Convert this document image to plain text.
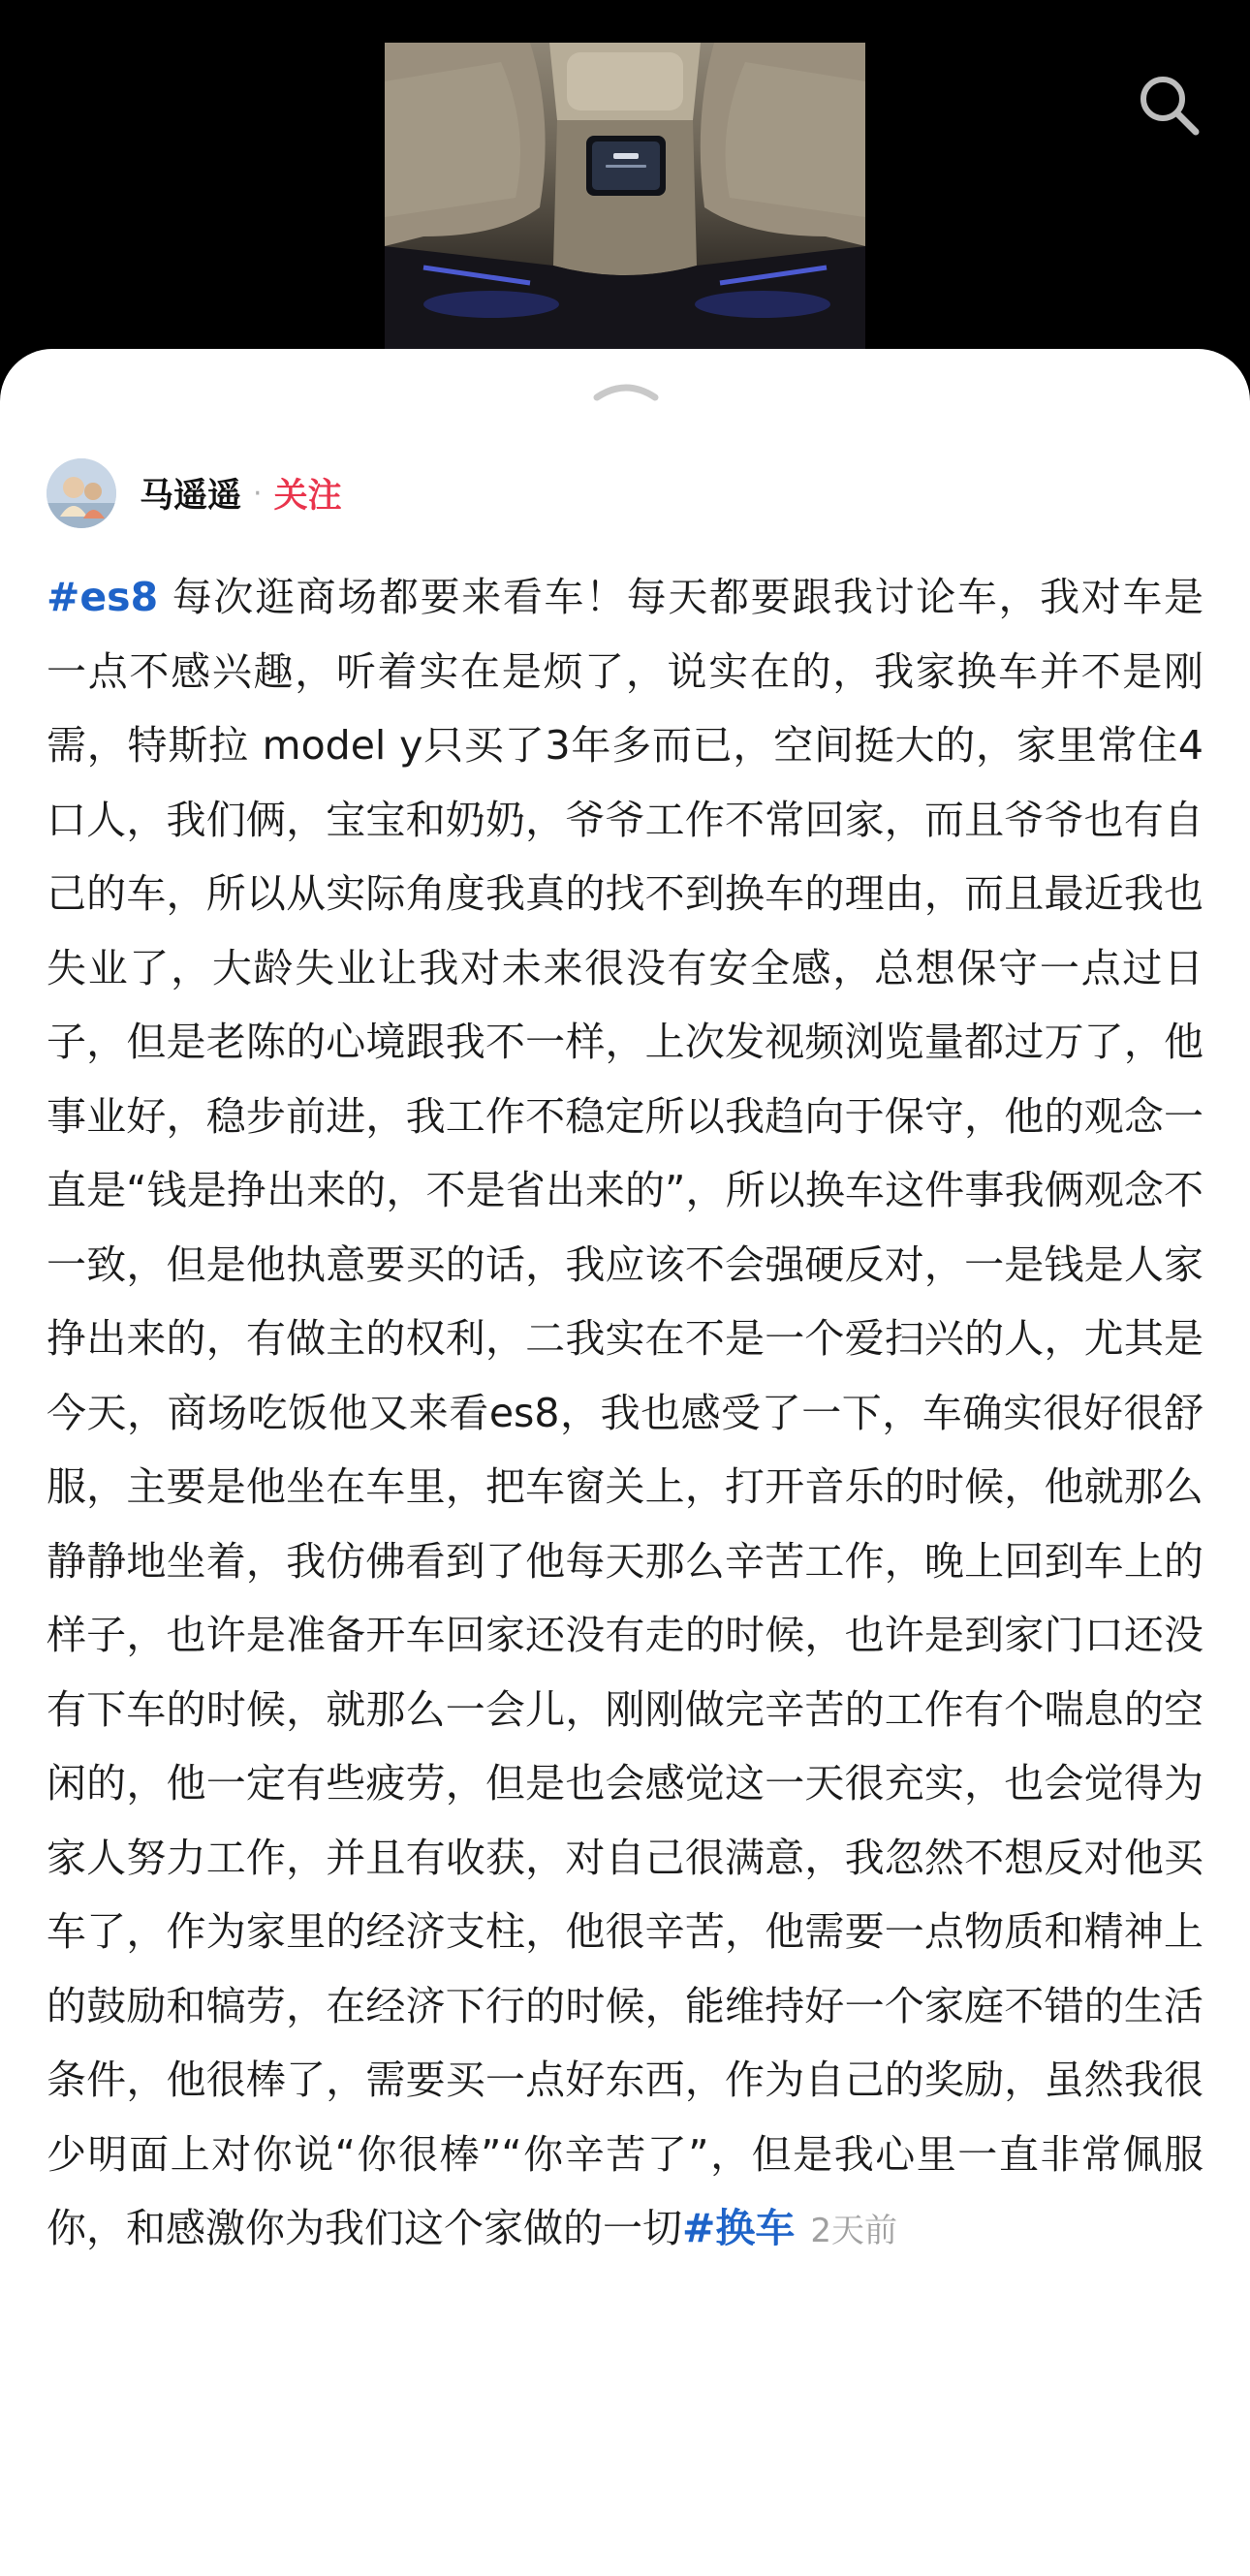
马遥遥 · 关注

#es8 每次逛商场都要来看车！每天都要跟我讨论车，我对车是一点不感兴趣，听着实在是烦了，说实在的，我家换车并不是刚需，特斯拉 model y只买了3年多而已，空间挺大的，家里常住4口人，我们俩，宝宝和奶奶，爷爷工作不常回家，而且爷爷也有自己的车，所以从实际角度我真的找不到换车的理由，而且最近我也失业了，大龄失业让我对未来很没有安全感，总想保守一点过日子，但是老陈的心境跟我不一样，上次发视频浏览量都过万了，他事业好，稳步前进，我工作不稳定所以我趋向于保守，他的观念一直是“钱是挣出来的，不是省出来的”，所以换车这件事我俩观念不一致，但是他执意要买的话，我应该不会强硬反对，一是钱是人家挣出来的，有做主的权利，二我实在不是一个爱扫兴的人，尤其是今天，商场吃饭他又来看es8，我也感受了一下，车确实很好很舒服，主要是他坐在车里，把车窗关上，打开音乐的时候，他就那么静静地坐着，我仿佛看到了他每天那么辛苦工作，晚上回到车上的样子，也许是准备开车回家还没有走的时候，也许是到家门口还没有下车的时候，就那么一会儿，刚刚做完辛苦的工作有个喘息的空闲的，他一定有些疲劳，但是也会感觉这一天很充实，也会觉得为家人努力工作，并且有收获，对自己很满意，我忽然不想反对他买车了，作为家里的经济支柱，他很辛苦，他需要一点物质和精神上的鼓励和犒劳，在经济下行的时候，能维持好一个家庭不错的生活条件，他很棒了，需要买一点好东西，作为自己的奖励，虽然我很少明面上对你说“你很棒”“你辛苦了”，但是我心里一直非常佩服你，和感激你为我们这个家做的一切#换车 2天前
